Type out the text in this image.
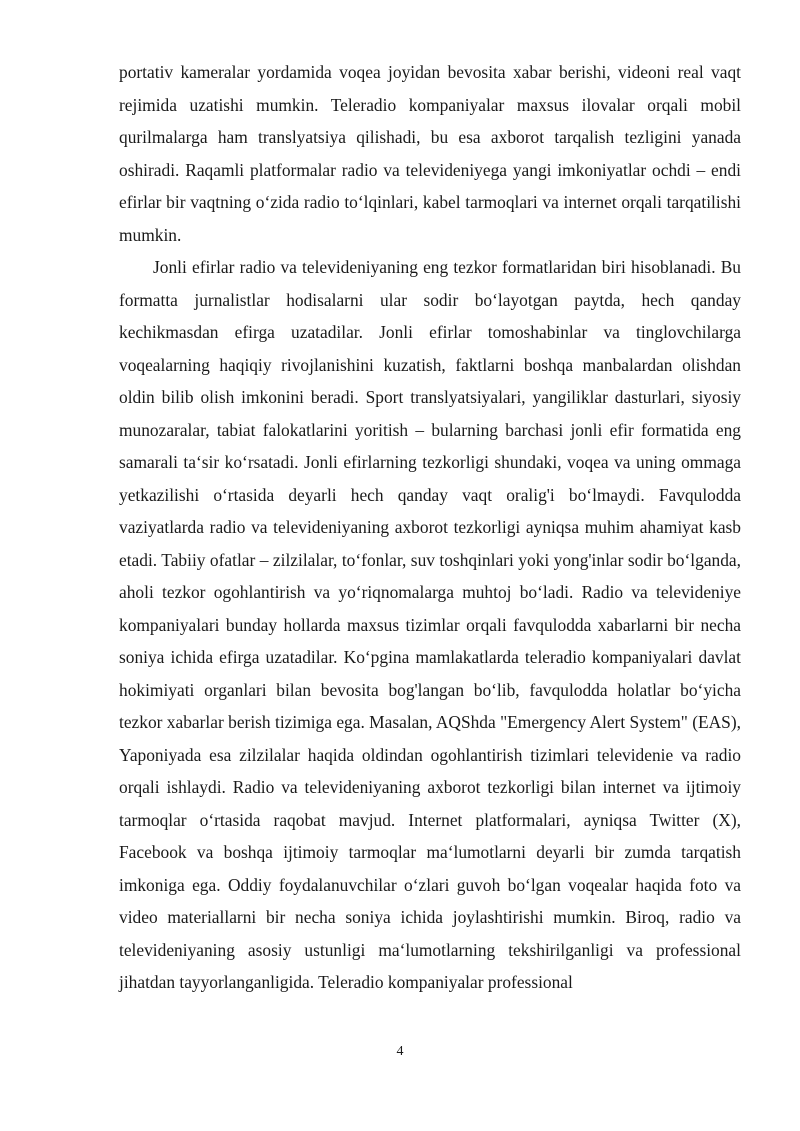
portativ kameralar yordamida voqea joyidan bevosita xabar berishi, videoni real vaqt rejimida uzatishi mumkin. Teleradio kompaniyalar maxsus ilovalar orqali mobil qurilmalarga ham translyatsiya qilishadi, bu esa axborot tarqalish tezligini yanada oshiradi. Raqamli platformalar radio va televideniyega yangi imkoniyatlar ochdi – endi efirlar bir vaqtning o‘zida radio to‘lqinlari, kabel tarmoqlari va internet orqali tarqatilishi mumkin.

Jonli efirlar radio va televideniyaning eng tezkor formatlaridan biri hisoblanadi. Bu formatta jurnalistlar hodisalarni ular sodir bo‘layotgan paytda, hech qanday kechikmasdan efirga uzatadilar. Jonli efirlar tomoshabinlar va tinglovchilarga voqealarning haqiqiy rivojlanishini kuzatish, faktlarni boshqa manbalardan olishdan oldin bilib olish imkonini beradi. Sport translyatsiyalari, yangiliklar dasturlari, siyosiy munozaralar, tabiat falokatlarini yoritish – bularning barchasi jonli efir formatida eng samarali ta‘sir ko‘rsatadi. Jonli efirlarning tezkorligi shundaki, voqea va uning ommaga yetkazilishi o‘rtasida deyarli hech qanday vaqt oralig'i bo‘lmaydi. Favqulodda vaziyatlarda radio va televideniyaning axborot tezkorligi ayniqsa muhim ahamiyat kasb etadi. Tabiiy ofatlar – zilzilalar, to‘fonlar, suv toshqinlari yoki yong'inlar sodir bo‘lganda, aholi tezkor ogohlantirish va yo‘riqnomalarga muhtoj bo‘ladi. Radio va televideniye kompaniyalari bunday hollarda maxsus tizimlar orqali favqulodda xabarlarni bir necha soniya ichida efirga uzatadilar. Ko‘pgina mamlakatlarda teleradio kompaniyalari davlat hokimiyati organlari bilan bevosita bog'langan bo‘lib, favqulodda holatlar bo‘yicha tezkor xabarlar berish tizimiga ega. Masalan, AQShda "Emergency Alert System" (EAS), Yaponiyada esa zilzilalar haqida oldindan ogohlantirish tizimlari televidenie va radio orqali ishlaydi. Radio va televideniyaning axborot tezkorligi bilan internet va ijtimoiy tarmoqlar o‘rtasida raqobat mavjud. Internet platformalari, ayniqsa Twitter (X), Facebook va boshqa ijtimoiy tarmoqlar ma‘lumotlarni deyarli bir zumda tarqatish imkoniga ega. Oddiy foydalanuvchilar o‘zlari guvoh bo‘lgan voqealar haqida foto va video materiallarni bir necha soniya ichida joylashtirishi mumkin. Biroq, radio va televideniyaning asosiy ustunligi ma‘lumotlarning tekshirilganligi va professional jihatdan tayyorlanganligida. Teleradio kompaniyalar professional

4
